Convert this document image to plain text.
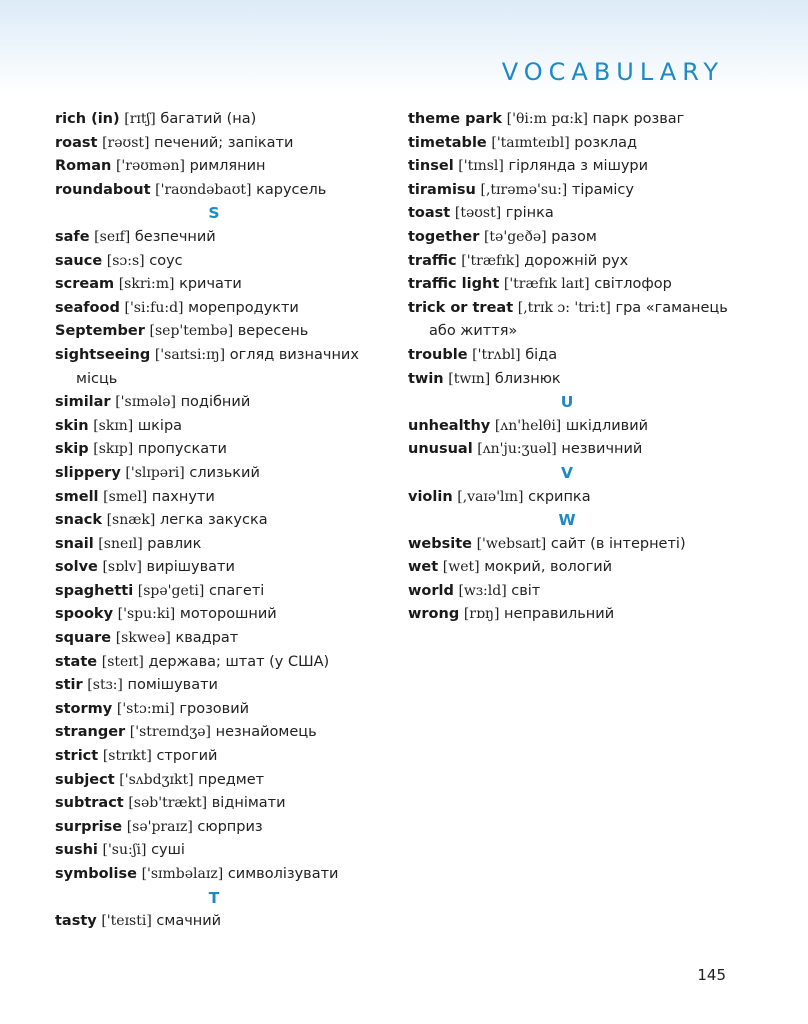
VOCABULARY
rich (in) [rɪtʃ] багатий (на)
roast [rəʊst] печений; запікати
Roman ['rəʊmən] римлянин
roundabout ['raʊndəbaʊt] карусель
S
safe [seɪf] безпечний
sauce [sɔ:s] соус
scream [skri:m] кричати
seafood ['si:fu:d] морепродукти
September [sep'tembə] вересень
sightseeing ['saɪtsi:ɪŋ] огляд визначних місць
similar ['sɪmələ] подібний
skin [skɪn] шкіра
skip [skɪp] пропускати
slippery ['slɪpəri] слизький
smell [smel] пахнути
snack [snæk] легка закуска
snail [sneɪl] равлик
solve [sɒlv] вирішувати
spaghetti [spə'geti] спагеті
spooky ['spu:ki] моторошний
square [skweə] квадрат
state [steɪt] держава; штат (у США)
stir [stɜ:] помішувати
stormy ['stɔ:mi] грозовий
stranger ['streɪndʒə] незнайомець
strict [strɪkt] строгий
subject ['sʌbdʒɪkt] предмет
subtract [səb'trækt] віднімати
surprise [sə'praɪz] сюрприз
sushi ['su:ʃi] суші
symbolise ['sɪmbəlaɪz] символізувати
T
tasty ['teɪsti] смачний
theme park ['θi:m pɑ:k] парк розваг
timetable ['taɪmteɪbl] розклад
tinsel ['tɪnsl] гірлянда з мішури
tiramisu [,tɪrəmə'su:] тірамісу
toast [təʊst] грінка
together [tə'geðə] разом
traffic ['træfɪk] дорожній рух
traffic light ['træfɪk laɪt] світлофор
trick or treat [,trɪk ɔ: 'tri:t] гра «гаманець або життя»
trouble ['trʌbl] біда
twin [twɪn] близнюк
U
unhealthy [ʌn'helθi] шкідливий
unusual [ʌn'ju:ʒuəl] незвичний
V
violin [,vaɪə'lɪn] скрипка
W
website ['websaɪt] сайт (в інтернеті)
wet [wet] мокрий, вологий
world [wɜ:ld] світ
wrong [rɒŋ] неправильний
145
